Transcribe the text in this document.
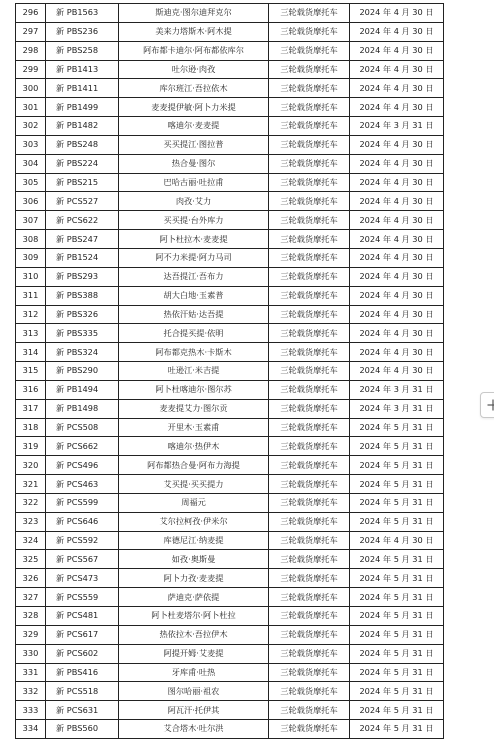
296	新 PB1563	斯迪克·图尔迪拜克尔	三轮载货摩托车	2024 年 4 月 30 日
297	新 PBS236	美来力塔斯木·阿木提	三轮载货摩托车	2024 年 4 月 30 日
298	新 PBS258	阿布都卡迪尔·阿布都依库尔	三轮载货摩托车	2024 年 4 月 30 日
299	新 PB1413	吐尔逊·肉孜	三轮载货摩托车	2024 年 4 月 30 日
300	新 PB1411	库尔班江·吾拉依木	三轮载货摩托车	2024 年 4 月 30 日
301	新 PB1499	麦麦提伊敏·阿卜力米提	三轮载货摩托车	2024 年 4 月 30 日
302	新 PB1482	喀迪尔·麦麦提	三轮载货摩托车	2024 年 3 月 31 日
303	新 PBS248	买买提江·图拉普	三轮载货摩托车	2024 年 4 月 30 日
304	新 PBS224	热合曼·图尔	三轮载货摩托车	2024 年 4 月 30 日
305	新 PBS215	巴哈古丽·吐拉甫	三轮载货摩托车	2024 年 4 月 30 日
306	新 PCS527	肉孜·艾力	三轮载货摩托车	2024 年 4 月 30 日
307	新 PCS622	买买提·台外库力	三轮载货摩托车	2024 年 4 月 30 日
308	新 PBS247	阿卜杜拉木·麦麦提	三轮载货摩托车	2024 年 4 月 30 日
309	新 PB1524	阿不力米提·阿力马司	三轮载货摩托车	2024 年 4 月 30 日
310	新 PBS293	达吾提江·吾布力	三轮载货摩托车	2024 年 4 月 30 日
311	新 PBS388	胡大白地·玉素普	三轮载货摩托车	2024 年 4 月 30 日
312	新 PBS326	热依汗姑·达吾提	三轮载货摩托车	2024 年 4 月 30 日
313	新 PBS335	托合提买提·依明	三轮载货摩托车	2024 年 4 月 30 日
314	新 PBS324	阿布都克热木·卡斯木	三轮载货摩托车	2024 年 4 月 30 日
315	新 PBS290	吐逊江·米吉提	三轮载货摩托车	2024 年 4 月 30 日
316	新 PB1494	阿卜杜喀迪尔·图尔苏	三轮载货摩托车	2024 年 3 月 31 日
317	新 PB1498	麦麦提艾力·图尔贡	三轮载货摩托车	2024 年 3 月 31 日
318	新 PCS508	开里木·玉素甫	三轮载货摩托车	2024 年 5 月 31 日
319	新 PCS662	喀迪尔·热伊木	三轮载货摩托车	2024 年 5 月 31 日
320	新 PCS496	阿布都热合曼·阿布力海提	三轮载货摩托车	2024 年 5 月 31 日
321	新 PCS463	艾买提·买买提力	三轮载货摩托车	2024 年 5 月 31 日
322	新 PCS599	周福元	三轮载货摩托车	2024 年 5 月 31 日
323	新 PCS646	艾尔拉柯孜·伊米尔	三轮载货摩托车	2024 年 5 月 31 日
324	新 PCS592	库德尼江·纳麦提	三轮载货摩托车	2024 年 4 月 30 日
325	新 PCS567	如孜·奥斯曼	三轮载货摩托车	2024 年 5 月 31 日
326	新 PCS473	阿卜力孜·麦麦提	三轮载货摩托车	2024 年 5 月 31 日
327	新 PCS559	萨迪克·萨依提	三轮载货摩托车	2024 年 5 月 31 日
328	新 PCS481	阿卜杜麦塔尔·阿卜杜拉	三轮载货摩托车	2024 年 5 月 31 日
329	新 PCS617	热依拉木·吾拉伊木	三轮载货摩托车	2024 年 5 月 31 日
330	新 PCS602	阿提开姆·艾麦提	三轮载货摩托车	2024 年 5 月 31 日
331	新 PBS416	牙库甫·吐热	三轮载货摩托车	2024 年 5 月 31 日
332	新 PCS518	图尔哈丽·祖农	三轮载货摩托车	2024 年 5 月 31 日
333	新 PCS631	阿瓦汗·托伊其	三轮载货摩托车	2024 年 5 月 31 日
334	新 PBS560	艾合塔木·吐尔洪	三轮载货摩托车	2024 年 5 月 31 日
